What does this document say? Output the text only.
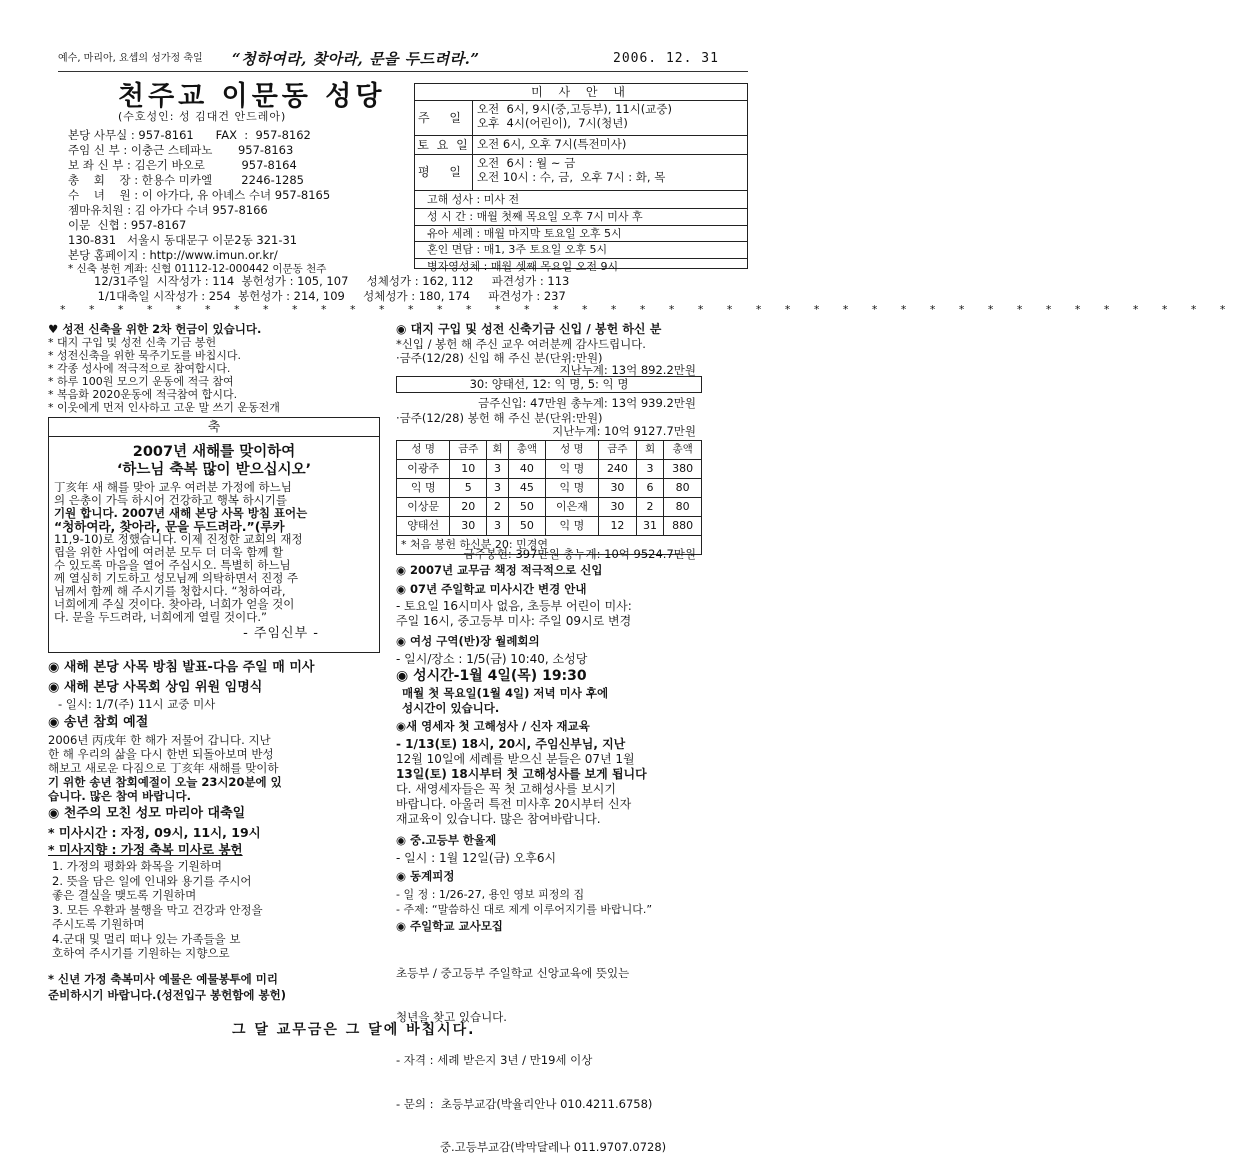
예수, 마리아, 요셉의 성가정 축일 “청하여라, 찾아라, 문을 두드려라.”	2006. 12. 31
천주교 이문동 성당
(수호성인: 성 김대건 안드레아)
본당 사무실 : 957-8161      FAX  :  957-8162
주임 신 부 : 이충근 스테파노       957-8163
보 좌 신 부 : 김은기 바오로          957-8164
총    회    장 : 한용수 미카엘        2246-1285
수    녀    원 : 이 아가다, 유 아녜스 수녀 957-8165
젬마유치원 : 김 아가다 수녀 957-8166
이문  신협 : 957-8167
130-831   서울시 동대문구 이문2동 321-31
본당 홈페이지 : http://www.imun.or.kr/
* 신축 봉헌 계좌: 신협 01112-12-000442 이문동 천주
미 사 안 내
주 일
오전  6시, 9시(중,고등부), 11시(교중)
오후  4시(어린이),  7시(청년)
토 요 일 오전 6시, 오후 7시(특전미사)
평 일
오전  6시 : 월 ~ 금
오전 10시 : 수, 금,  오후 7시 : 화, 목
고해 성사 : 미사 전
성 시 간 : 매월 첫째 목요일 오후 7시 미사 후
유아 세례 : 매월 마지막 토요일 오후 5시
혼인 면담 : 매1, 3주 토요일 오후 5시
병자영성체 : 매월 셋째 목요일 오전 9시
12/31주일  시작성가 : 114  봉헌성가 : 105, 107     성체성가 : 162, 112     파견성가 : 113
1/1대축일 시작성가 : 254  봉헌성가 : 214, 109     성체성가 : 180, 174     파견성가 : 237
* * * * * * * * * * * * * * * * * * * * * * * * * * * * * * * * * * * * * * * * *
♥ 성전 신축을 위한 2차 헌금이 있습니다.
* 대지 구입 및 성전 신축 기금 봉헌
* 성전신축을 위한 묵주기도를 바칩시다.
* 각종 성사에 적극적으로 참여합시다.
* 하루 100원 모으기 운동에 적극 참여
* 복음화 2020운동에 적극참여 합시다.
* 이웃에게 먼저 인사하고 고운 말 쓰기 운동전개
축
2007년 새해를 맞이하여
‘하느님 축복 많이 받으십시오’
丁亥年 새 해를 맞아 교우 여러분 가정에 하느님
의 은총이 가득 하시어 건강하고 행복 하시기를
기원 합니다. 2007년 새해 본당 사목 방침 표어는
“청하여라, 찾아라, 문을 두드려라.”(루카
11,9-10)로 정했습니다. 이제 진정한 교회의 재정
립을 위한 사업에 여러분 모두 더 더욱 함께 할
수 있도록 마음을 열어 주십시오. 특별히 하느님
께 열심히 기도하고 성모님께 의탁하면서 진정 주
님께서 함께 해 주시기를 청합시다. “청하여라,
너희에게 주실 것이다. 찾아라, 너희가 얻을 것이
다. 문을 두드려라, 너희에게 열릴 것이다.”
- 주임신부 -
◉ 새해 본당 사목 방침 발표-다음 주일 매 미사
◉ 새해 본당 사목회 상임 위원 임명식
- 일시: 1/7(주) 11시 교중 미사
◉ 송년 참회 예절
2006년 丙戌年 한 해가 저물어 갑니다. 지난
한 해 우리의 삶을 다시 한번 되돌아보며 반성
해보고 새로운 다짐으로 丁亥年 새해를 맞이하
기 위한 송년 참회예절이 오늘 23시20분에 있
습니다. 많은 참여 바랍니다.
◉ 천주의 모친 성모 마리아 대축일
* 미사시간 : 자정, 09시, 11시, 19시
* 미사지향 : 가정 축복 미사로 봉헌
1. 가정의 평화와 화목을 기원하며
2. 뜻을 담은 일에 인내와 용기를 주시어
좋은 결실을 맺도록 기원하며
3. 모든 우환과 불행을 막고 건강과 안정을
주시도록 기원하며
4.군대 및 멀리 떠나 있는 가족들을 보
호하여 주시기를 기원하는 지향으로
* 신년 가정 축복미사 예물은 예물봉투에 미리
준비하시기 바랍니다.(성전입구 봉헌함에 봉헌)
◉ 대지 구입 및 성전 신축기금 신입 / 봉헌 하신 분
*신입 / 봉헌 해 주신 교우 여러분께 감사드립니다.
·금주(12/28) 신입 해 주신 분(단위:만원)
지난누계: 13억 892.2만원
30: 양태선, 12: 익 명, 5: 익 명
금주신입: 47만원 총누계: 13억 939.2만원
·금주(12/28) 봉헌 해 주신 분(단위:만원)
지난누계: 10억 9127.7만원
성 명	금주	회	총액	성 명	금주	회	총액
이광주	10	3	40	익 명	240	3	380
익 명	5	3	45	익 명	30	6	80
이상문	20	2	50	이은재	30	2	80
양태선	30	3	50	익 명	12	31	880
* 처음 봉헌 하신분 20: 민경연							
금주봉헌: 397만원 총누계: 10억 9524.7만원
◉ 2007년 교무금 책정 적극적으로 신입
◉ 07년 주일학교 미사시간 변경 안내
- 토요일 16시미사 없음, 초등부 어린이 미사:
주일 16시, 중고등부 미사: 주일 09시로 변경
◉ 여성 구역(반)장 월례회의
- 일시/장소 : 1/5(금) 10:40, 소성당
◉ 성시간-1월 4일(목) 19:30
매월 첫 목요일(1월 4일) 저녁 미사 후에
성시간이 있습니다.
◉새 영세자 첫 고해성사 / 신자 재교육
- 1/13(토) 18시, 20시, 주임신부님, 지난
12월 10일에 세례를 받으신 분들은 07년 1월
13일(토) 18시부터 첫 고해성사를 보게 됩니다
다. 새영세자들은 꼭 첫 고해성사를 보시기
바랍니다. 아울러 특전 미사후 20시부터 신자
재교육이 있습니다. 많은 참여바랍니다.
◉ 중.고등부 한울제
- 일시 : 1월 12일(금) 오후6시
◉ 동계피정
- 일 정 : 1/26-27, 용인 영보 피정의 집
- 주제: “말씀하신 대로 제게 이루어지기를 바랍니다.”
◉ 주일학교 교사모집

초등부 / 중고등부 주일학교 신앙교육에 뜻있는

청년을 찾고 있습니다.

- 자격 : 세례 받은지 3년 / 만19세 이상

- 문의 :  초등부교감(박율리안나 010.4211.6758)

중.고등부교감(박막달레나 011.9707.0728)

그 달 교무금은 그 달에 바칩시다.
